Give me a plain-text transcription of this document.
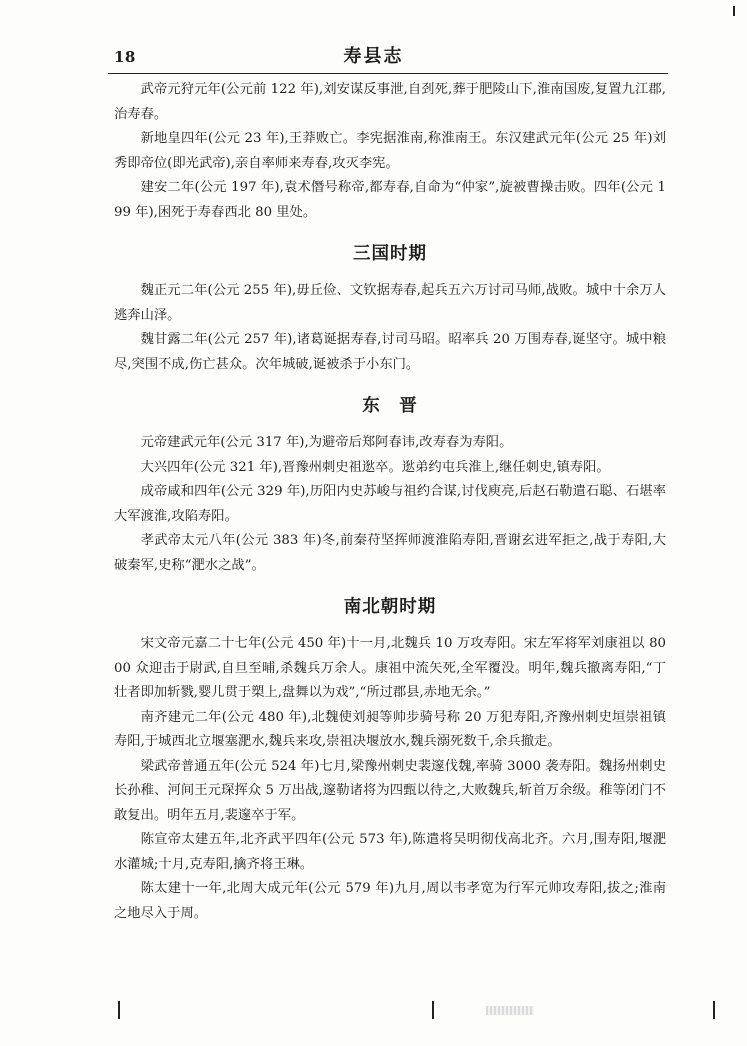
18	寿县志

武帝元狩元年(公元前 122 年),刘安谋反事泄,自刭死,葬于肥陵山下,淮南国废,复置九江郡,治寿春。

新地皇四年(公元 23 年),王莽败亡。李宪据淮南,称淮南王。东汉建武元年(公元 25 年)刘秀即帝位(即光武帝),亲自率师来寿春,攻灭李宪。

建安二年(公元 197 年),袁术僭号称帝,都寿春,自命为“仲家”,旋被曹操击败。四年(公元 199 年),困死于寿春西北 80 里处。

三国时期

魏正元二年(公元 255 年),毋丘俭、文钦据寿春,起兵五六万讨司马师,战败。城中十余万人逃奔山泽。

魏甘露二年(公元 257 年),诸葛诞据寿春,讨司马昭。昭率兵 20 万围寿春,诞坚守。城中粮尽,突围不成,伤亡甚众。次年城破,诞被杀于小东门。

东　晋

元帝建武元年(公元 317 年),为避帝后郑阿春讳,改寿春为寿阳。

大兴四年(公元 321 年),晋豫州刺史祖逖卒。逖弟约屯兵淮上,继任刺史,镇寿阳。

成帝咸和四年(公元 329 年),历阳内史苏峻与祖约合谋,讨伐庾亮,后赵石勒遣石聪、石堪率大军渡淮,攻陷寿阳。

孝武帝太元八年(公元 383 年)冬,前秦苻坚挥师渡淮陷寿阳,晋谢玄进军拒之,战于寿阳,大破秦军,史称“淝水之战”。

南北朝时期

宋文帝元嘉二十七年(公元 450 年)十一月,北魏兵 10 万攻寿阳。宋左军将军刘康祖以 8000 众迎击于尉武,自旦至晡,杀魏兵万余人。康祖中流矢死,全军覆没。明年,魏兵撤离寿阳,“丁壮者即加斩戮,婴儿贯于槊上,盘舞以为戏”,“所过郡县,赤地无余。”

南齐建元二年(公元 480 年),北魏使刘昶等帅步骑号称 20 万犯寿阳,齐豫州刺史垣崇祖镇寿阳,于城西北立堰塞淝水,魏兵来攻,崇祖决堰放水,魏兵溺死数千,余兵撤走。

梁武帝普通五年(公元 524 年)七月,梁豫州刺史裴邃伐魏,率骑 3000 袭寿阳。魏扬州刺史长孙稚、河间王元琛挥众 5 万出战,邃勒诸将为四甄以待之,大败魏兵,斩首万余级。稚等闭门不敢复出。明年五月,裴邃卒于军。

陈宣帝太建五年,北齐武平四年(公元 573 年),陈遣将吴明彻伐高北齐。六月,围寿阳,堰淝水灌城;十月,克寿阳,擒齐将王琳。

陈太建十一年,北周大成元年(公元 579 年)九月,周以韦孝宽为行军元帅攻寿阳,拔之;淮南之地尽入于周。
